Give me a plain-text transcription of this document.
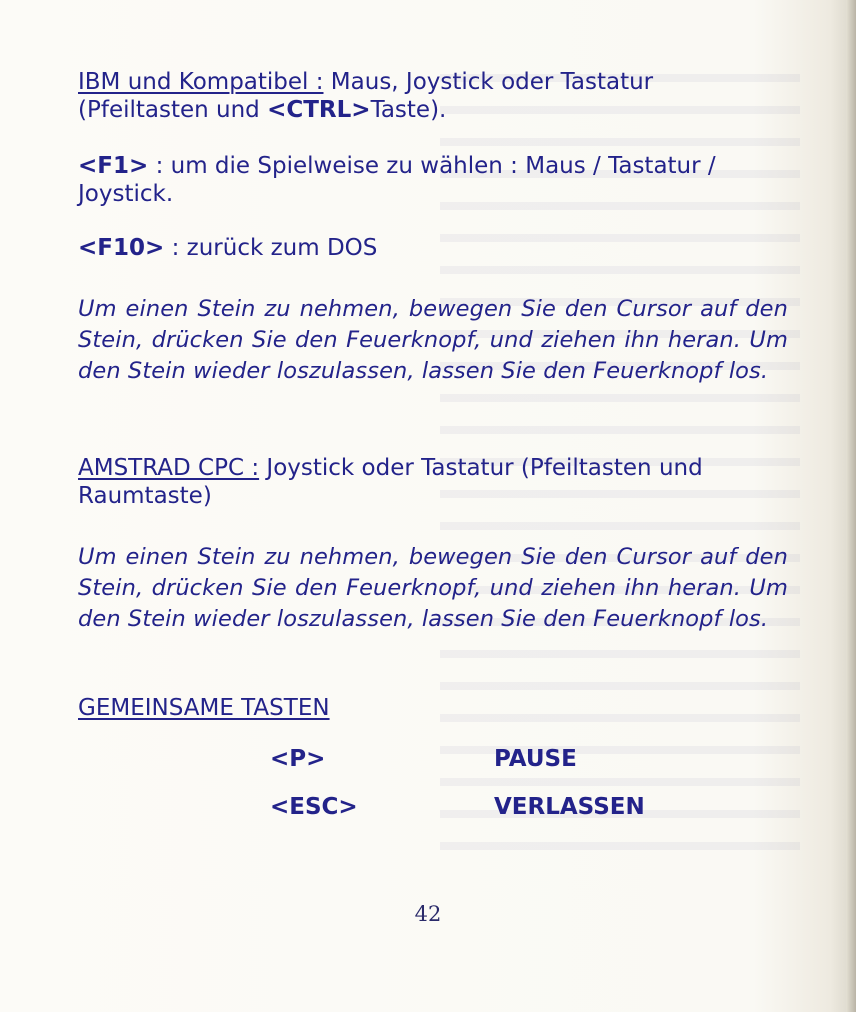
IBM und Kompatibel : Maus, Joystick oder Tastatur (Pfeiltasten und <CTRL>Taste).
<F1> : um die Spielweise zu wählen : Maus / Tastatur / Joystick.
<F10> : zurück zum DOS
Um einen Stein zu nehmen, bewegen Sie den Cursor auf den Stein, drücken Sie den Feuerknopf, und ziehen ihn heran. Um den Stein wieder loszulassen, lassen Sie den Feuerknopf los.
AMSTRAD CPC : Joystick oder Tastatur (Pfeiltasten und Raumtaste)
Um einen Stein zu nehmen, bewegen Sie den Cursor auf den Stein, drücken Sie den Feuerknopf, und ziehen ihn heran. Um den Stein wieder loszulassen, lassen Sie den Feuerknopf los.
GEMEINSAME TASTEN
<P>	PAUSE
<ESC>	VERLASSEN
42
